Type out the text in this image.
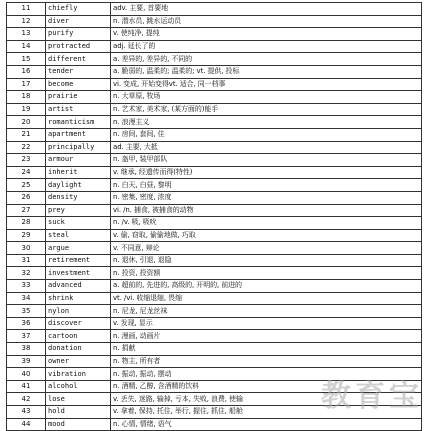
11	chiefly	adv. 主要, 首要地
12	diver	n. 潜水员, 跳水运动员
13	purify	v. 使纯净, 提纯
14	protracted	adj. 延长了的
15	different	a. 差异的, 差异的, 不同的
16	tender	a. 脆弱的, 温柔的; 温柔的; vt. 提供, 投标
17	become	vi. 变成, 开始变得vt. 适合, 同一档事
18	prairie	n. 大草原, 牧场
19	artist	n. 艺术家, 美术家, (某方面的)能手
20	romanticism	n. 浪漫主义
21	apartment	n. 房间, 套间, 住
22	principally	ad. 主要, 大抵
23	armour	n. 盔甲, 装甲部队
24	inherit	v. 继承, 经遗传而得(特性)
25	daylight	n. 白天, 白昼, 黎明
26	density	n. 密集, 密度, 浓度
27	prey	vi. /n. 捕食, 被捕食的动物
28	suck	n. /v. 吸, 吸吮
29	steal	v. 偷, 窃取, 偷偷地做, 巧取
30	argue	v. 不同意, 辩论
31	retirement	n. 退休, 引退, 退隐
32	investment	n. 投资, 投资额
33	advanced	a. 超前的, 先进的, 高级的, 开明的, 前进的
34	shrink	vt. /vi. 收缩退缩, 畏缩
35	nylon	n. 尼龙, 尼龙丝袜
36	discover	v. 发现, 显示
37	cartoon	n. 漫画, 动画片
38	donation	n. 捐献
39	owner	n. 物主, 所有者
40	vibration	n. 振动, 振动, 摆动
41	alcohol	n. 酒精, 乙醇, 含酒精的饮料
42	lose	v. 丢失, 迷路, 输掉, 亏本, 失败, 浪费, 使输
43	hold	v. 拿着, 保持, 托住, 举行, 握住, 抓住, 船舱
44	mood	n. 心情, 情绪, 语气
教育宝
